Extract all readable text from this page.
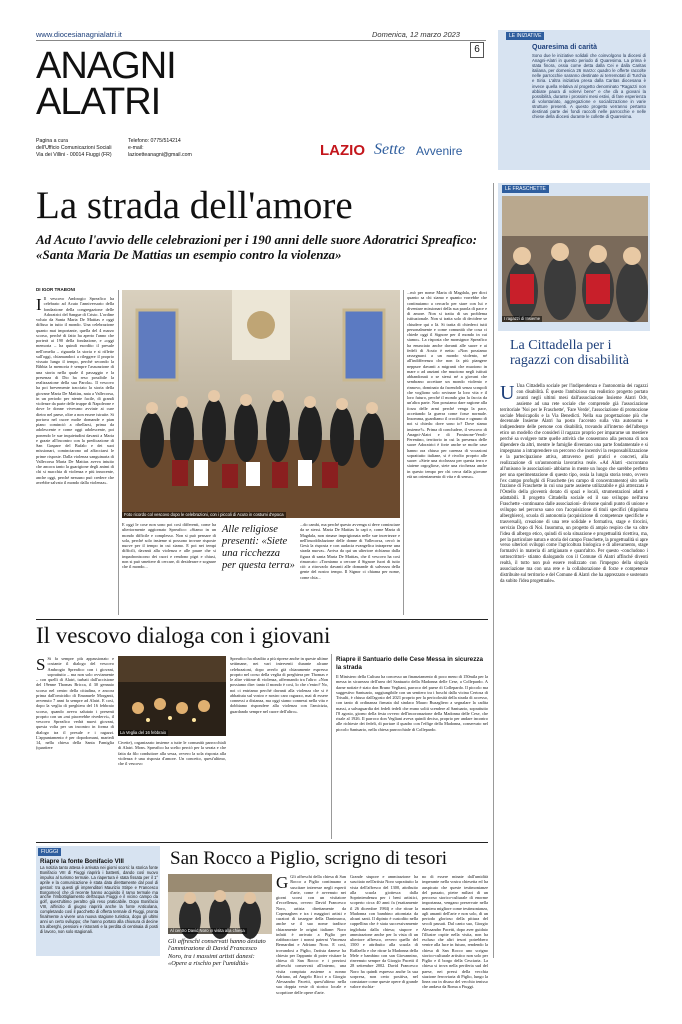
www.diocesianagnialatri.it	Domenica, 12 marzo 2023
6
ANAGNI
ALATRI
Pagina a cura
dell'Ufficio Comunicazioni Sociali
Via dei Villini - 00014 Fiuggi (FR)
Telefono: 0775/514214
e-mail:
lazioetteanagni@gmail.com	LAZIO Sette Avvenire
LE INIZIATIVE
Quaresima di carità
Sono due le iniziative solidali che coinvolgono la diocesi di Anagni-Alatri in questo periodo di Quaresima. La prima è stata finora, ossia come detta dalla Cei e dalla Caritas italiana, per domenica 26 marzo: quadro le offerte raccolte nelle parrocchie saranno destinate ai terremotati di Turchia e Siria. L'altra iniziativa presa dalla Caritas diocesana è invece quella relativa al progetto denominato "Ragazzi non abbiate paura di volervi bene" e che dà a giovani la possibilità, durante i prossimi mesi estivi, di fare esperienza di volontariato, aggregazione e socializzazione in varie strutture presenti. A questo progetto verranno pertanto destinati parte dei fondi raccolti nelle parrocchie e nelle chiese della diocesi durante le collette di Quaresima.
La strada dell'amore
Ad Acuto l'avvio delle celebrazioni per i 190 anni delle suore Adoratrici Spreafico: «Santa Maria De Mattias un esempio contro la violenza»
DI IGOR TRABONI
I Il vescovo Ambrogio Spreafico ha celebrato ad Acuto l'anniversario della fondazione della congregazione delle Adoratrici del Sangue di Cristo. L'ordine voluto da Santa Maria De Mattias e oggi diffuso in tutto il mondo. Una celebrazione quanto mai importante, quella del 4 marzo scorso, perché di fatto ha aperto l'anno che porterà ai 190 della fondazione, e «oggi memoria – ha quindi esordito il presule nell'omelia – riguarda la storia e si riflette sull'oggi, chiamandoci a rileggere il proprio vissuto lungo il tempo, perché secondo la Bibbia la memoria è sempre l'assunzione di una storia nella quale il passaggio e la presenza di Dio ha reso possibile la realizzazione della sua Parola». Il vescovo ha poi brevemente tracciato la storia della giovane Maria De Mattias, nata a Vallecorsa, in un periodo per niente facile, di grandi violenze da parte delle truppe di Napoleone e dove le donne vivevano avviate ai cure dietro nel paese, oltre a non essere istruite. Si portava nel cuore molte domande e pian piano cominciò a ribellarsi, prima da adolescente e come oggi adolescente, poi ponendo le sue inquietudini davanti a Maria e grazie all'incontro con la predicazione di San Gaspare del Bufalo e dei suoi missionari, cominciarono ad affacciarsi le prime risposte. Dalla violenza sanguinaria di Vallecorsa Maria De Mattias aveva intuito che ancora tanto la guarigione degli animi di chi si macchia di violenza e più innocente, anche oggi, perché nessuno può credere che avrebbe salvato il mondo dalla violenza».
Foto ricordo col vescovo dopo le celebrazioni, con i piccoli di Acuto in costumi d'epoca
E oggi le cose non sono poi così differenti, come ha ulteriormente aggiornato Spreafico: «Siamo in un mondo difficile e complesso. Non si può pensare di sola, perché solo insieme si possono trovare risposte nuove per il tempo in cui siamo. E poi nei tempi difficili, davanti alla violenza e alle paure che si impadroniscono dei cuori e rendono pigri e chiusi, non si può smettere di cercare, di desiderare e sognare che il mondo...
Alle religiose presenti: «Siete una ricchezza per questa terra»
...do cambi, ma perché questo avvenga si deve cominciare da se stessi. Maria De Mattias lo capì e, come Maria di Magdala, non rimase imprigionata nelle sue incertezze e nell'insoddisfazione delle donne di Vallecorsa, cercò in Gesù la risposta e con audacia evangelica intraprese una strada nuova». Arriva da qui un ulteriore richiamo dalla figura di santa Maria De Mattias, che il vescovo ha così rimarcato: «Torniamo a cercare il Signore fuori di tutto ciò: a ritrovarlo davanti alle domande di salvezza della gente del nostro tempo. Il Signor ci chiama per nome, come chia...
...mò per nome Maria di Magdala, per dirci quanto sa chi siamo e quanto vorrebbe che continuiamo a cercarlo per stare con lui e diventare missionari della sua parola di pace e di amore. Non si tratta di un problema istituzionale. Non si tratta solo di decidere se chiudere qui o là. Si tratta di chiederci tutti personalmente e come comunità che cosa ci chiede oggi il Signore per il mondo in cui siamo». La risposta che monsignor Spreafico ha enunciato anche davanti alle suore e ai fedeli di Acuto è netta: «Non possiamo rassegnarci a un mondo violento, né all'indifferenza che non fa più piangere neppure davanti a migranti che muoiono in mare o ad anziani che muoiono negli istituti abbandonati o se stessi né a giovani che sembrano accettare un mondo violento e rinnovo, dominato da facendoli senza scrupoli che vogliono solo rovinare la loro vita e il loro futuro, perché il mondo gira la faccia da un'altra parte. Non possiamo dare ragione alla forza delle armi perché venga la pace, accettando la guerra come fosse normale. Insomma, guardiamo il crocifisso e ognuno di noi si chieda: dove sono io? Dove siamo insieme?». Prima di concludere, il vescovo di Anagni-Alatri e di Frosinone-Veroli-Ferentino, territorio in cui la presenza delle suore Adoratrici è forte anche se molte case hanno ora chiuso per carenza di vocazioni soprattutto italiane, si è rivolto proprio alle suore: «Siete una ricchezza per questa terra e siatene orgogliose, siete una ricchezza anche in questo tempo per chi cerca dalla giovane età un orientamento di vita e di senso».
LE FRASCHETTE
I ragazzi di Insieme
La Cittadella per i ragazzi con disabilità
U Una Cittadella sociale per l'indipendenza e l'autonomia dei ragazzi con disabilità. È questo l'ambizioso ma realistico progetto portato avanti negli ultimi mesi dall'associazione Insieme Alatri Odv, assieme ad una rete sociale che comprende già l'associazione territoriale 'Noi per le Fraschette', 'Fare Verde', l'associazione di promozione sociale Musicapolis e la Via Benedicti. Nella sua progettazione più che decennale Insieme Alatri ha posto l'accento sulla vita autonoma e indipendente delle persone con disabilità, trovando all'interno dell'albergo etico un modello che consideri il ragazzo proprio per impararne un mestiere perché sa svolgere tutte quelle attività che consentono alla persona di non dipendere da altri, mentre le famiglie diventano una parte fondamentale e si impegnano a intraprendere un percorso che incentivi la responsabilizzazione e la partecipazione attiva, attraverso gesti pratici e concreti, alla realizzazione di un'autonomia lavorativa reale. «Ad Alatri -raccontano all'unisono le associazioni- abbiamo in mente un luogo che sarebbe perfetto per una sperimentazione di questo tipo, ossia la lungia storia tento, ovvero l'ex campo profughi di Fraschette (ex campo di concentramento) sito nella frazione di Fraschette in cui una parte assieme utilizzabile e già attrezzata è l'Ostello della gioventù dotato di spazi e locali, strumentazioni adatti e adattabili. Il progetto Cittadella sociale ed il suo sviluppo nell'area Fraschette -continuano dalle associazioni- divisone quindi punto di unione e sviluppo nel percorso sano con l'acquisizione di tituli specifici (dipploma alberghiero), scuola di autonomia (acquisizione di competenze specifiche e trasversali), creazione di una rete solidale e formativa, stage e tirocini, servizio Dopo di Noi. Insomma, un progetto di ampio respiro che va oltre l'idea di albergo etico, quindi di sola situazione e progettualità ricettiva, ma, per la particolare natura e storia del campo Fraschette, la progettualità si apre verso ulteriori sviluppi come l'agricoltura biologica e di allevamento, stage formativi in materia di artigianato e quant'altro. Per questo -concludono i sottoscrittori- stiamo dialogando con il Comune di Alatri affinché diventi realtà, il tutto non può essere realizzato con l'impegno della singola associazione ma con una rete e la collaborazione di forze e competenze distribuite sul territorio e del Comune di Alatri che ha apprezzato e sostenuto da subito l'idea progettuale».
Il vescovo dialoga con i giovani
S Si fa sempre più appassionato e costante il dialogo del vescovo Ambrogio Spreafico con i giovani, soprattutto – ma non solo ovviamente – con quelli di Alatri, turbati dall'uccisione del 19enne Thomas Bricca, il 30 gennaio scorso nel centro della cittadina, e ancora prima dall'omicidio di Emanuele Morganti, avvenuto 7 anni fa sempre ad Alatri. E così, dopo la veglia di preghiera del 16 febbraio scorso, quando aveva salutato i presenti proprio con un «mi piacerebbe rivedervi», il vescovo Spreafico vedrà nuovi giovani, questa volta per un incontro in forma di dialogo tra il presule e i ragazzi. L'appuntamento è per dopodomani, martedì 14, nella chiesa della Santa Famiglia (quartiere
La Veglia del 16 febbraio
Civette), organizzato insieme a tutte le comunità parrocchiali di Alatri. Mons. Spreafico ha scelto perciò per la serata e che fatta da filo conduttore alla sessa, ovvero la sola risposta alla violenza è una risposta d'amore. Un concetto, quest'ultimo, che il vescovo
Spreafico ha ribadito a più riprese anche in queste ultime settimane, nei vari interventi durante alcune celebrazioni, dopo averlo già chiaramente espresso proprio nel corso della veglia di preghiera per Thomas e le altre vittime di violenza, affermando tra l'altro: «Non possiamo dire: tanto il mondo è così, lo che c'entro? No, noi ci entriamo perché davanti alla violenza che si è abbattuta sul vostro e nostro caro ragazzo, mai di essere connessi a distanza, ma oggi siamo connessi nella vita e dobbiamo rispondere alla violenza con l'amicizia, guardando sempre nel cuore dell'altro».
Riapre il Santuario delle Cese Messa in sicurezza la strada
Il Ministero della Cultura ha concesso un finanziamento di poco meno di 150mila per la messa in sicurezza dell'area del Santuario della Madonna delle Cese, a Collepardo. A darne notizie è stato don Bruno Vegliani, parroco del paese di Collepardo. Il piccolo ma suggestivo Santuario, raggiungibile con un sentiero tra i boschi dalla vicina Certosa di Trisulti, è chiuso dall'agosto del 2021 proprio per la pericolosità della strada di accesso, con tanto di ordinanza firmata dal sindaco Mauro Buzagliero a segnalare la cadita massi, a salvaguardia dei fedeli tedeli che erano soliti scendere al Santuario, soprattutto l'8 agosto, giorno della festa ovvero dell'incoronazione della Madonna delle Cese, che risale al 1926. Il parroco don Vegliani aveva quindi deciso, proprio per andare incontro alle richieste dei fedeli, di portare il quadro con l'effige della Madonna, conservato nel piccolo Santuario, nella chiesa parrocchiale di Collepardo.
FIUGGI
Riapre la fonte Bonifacio VIII
La notizia tanto attesa è arrivata nei giorni scorsi: la storica fonte Bonifacio VIII di Fiuggi riaprirà i battenti, dando così nuovo impulso al turismo termale. La riapertura è stata fissata per il 1° aprile e la comunicazione è stata data direttamente dal pool di gestori: tra questi gli imprenditori Maurizio Stirpe e Francesco Borgomeo) che di recente hanno acquisito il ramo termale ma anche l'imbottigliamento dell'acqua Fiuggi e il vicino campo da golf, quest'ultimo peraltro già reso praticabile. Dopo Bonifacio VIII, all'inizio di giugno riaprirà anche la fonte Anticolana, completando così il pacchetto di offerta termale di Fiuggi, pronta finalmente a vivere una nuova stagione turistica, dopo gli ultimi anni un certo sviluppo; che hanno portato alla chiusura di decine tra alberghi, pensioni e ristoranti e la perdita di centinaia di posti di lavoro, non solo stagionali.
San Rocco a Piglio, scrigno di tesori
Al centro David Noro in visita alla chiesa
Gli affreschi conservati hanno destato l'ammirazione di David Francesco Noro, tra i massimi artisti danesi: «Opere a rischio per l'umidità»
G Gli affreschi della chiesa di San Rocco a Piglio continuano a suscitare interesse negli esperti d'arte, come è avvenuto nei giorni scorsi con un visitatore d'eccellenza, ovvero David Francesco Noro, artista direttamente da Copenaghen e tra i maggiori artisti e curatori di tassegne della Danimarca, anche se il suo nome tradisce chiaramente le origini italiane: Noro infatti è arrivato a Piglio per riabbracciare i nonni paterni Vincenza Bernardini e Adriano Noro. E così, trovandosi a Piglio, l'artista danese ha chiesto per l'appunto di poter visitare la chiesa di San Rocco e i preziosi affreschi conservati all'interno, una visita compiuta assieme a nonno Adriano, ad Angelo Ricci e a Giorgio Alessandro Pacetti, quest'ultimo nella sua doppia veste di storico locale e scopritore delle opere d'arte.
Grande stupore e ammirazione ha suscitato nell'artista Noro soprattutto la vista dell'affresco del 1300, attribuito alla scuola giottesca dalla Soprintendenza per i beni artistici, scoperto circa 40 anni fa (esattamente il 26 dicembre 1984) e che ritrae la Madonna con bambino attorniata da alcuni santi. Il dipinto è custodito nella cappellina che è stata successivamente inglobata dalla chiesa; stupore e ammirazione anche per la vista di un ulteriore affresco, ovvero quello del 1500 e attribuito alla scuola di Raffaello e che ritrae la Madonna della Mele e bambino con san Giovannino, rinvenuto sempre da Giorgio Pacetti il 28 settembre 2002. David Francesco Noro ha quindi espresso anche la sua sorpresa, non certo positiva, nel constatare come queste opere di grande valore rischia-
no di essere minate dall'umidità imperante nella vostra chiesetta ed ha auspicato che queste testimonianze del passato, pietre miliari di un percorso storico-culturale di enorme importanza, vengano preservate nella maniera migliore come testimonianza, agli amanti dell'arte e non solo, di un periodo glorioso della pittura del secoli passati. Dal canto suo, Giorgio Alessandro Pacetti, dopo aver guidato l'illustre ospite nella visita, non ha escluso che altri tesori potrebbero venire alla luce in futuro, rendendo la chiesa di San Rocco uno scrigno storico-culturale artistico non solo per Piglio e il borgo della Cesciaria. La chiesa si trova nella periferia sud del paese, nei pressi della vecchia stazione ferroviaria di Piglio, lungo la linea ora in disuso del vecchio tenisso che andava da Roma a Fiuggi.
